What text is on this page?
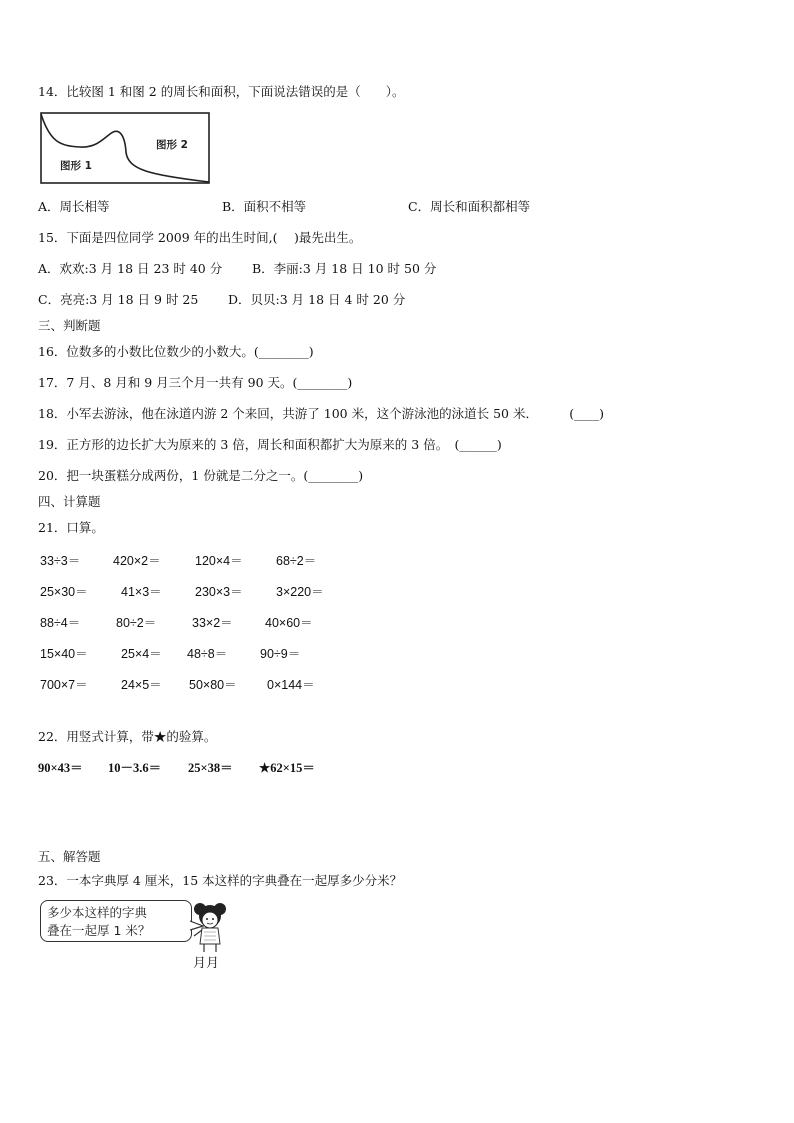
14．比较图 1 和图 2 的周长和面积，下面说法错误的是（　　）。
图形 1
图形 2
A．周长相等	B．面积不相等	C．周长和面积都相等
15．下面是四位同学 2009 年的出生时间,(　 )最先出生。
A．欢欢:3 月 18 日 23 时 40 分 B．李丽:3 月 18 日 10 时 50 分
C．亮亮:3 月 18 日 9 时 25 D．贝贝:3 月 18 日 4 时 20 分
三、判断题
16．位数多的小数比位数少的小数大。(________)
17．7 月、8 月和 9 月三个月一共有 90 天。(________)
18．小军去游泳，他在泳道内游 2 个来回，共游了 100 米，这个游泳池的泳道长 50 米．　　　(____)
19．正方形的边长扩大为原来的 3 倍，周长和面积都扩大为原来的 3 倍。　(______)
20．把一块蛋糕分成两份，1 份就是二分之一。(________)
四、计算题
21．口算。
33÷3＝	420×2＝	120×4＝	68÷2＝
25×30＝	41×3＝	230×3＝	3×220＝
88÷4＝	80÷2＝	33×2＝	40×60＝
15×40＝	25×4＝ 48÷8＝	90÷9＝
700×7＝	24×5＝ 50×80＝ 0×144＝
22．用竖式计算，带★的验算。
90×43＝ 10－3.6＝ 25×38＝ ★62×15＝
五、解答题
23．一本字典厚 4 厘米，15 本这样的字典叠在一起厚多少分米？
多少本这样的字典
叠在一起厚 1 米？
月月
